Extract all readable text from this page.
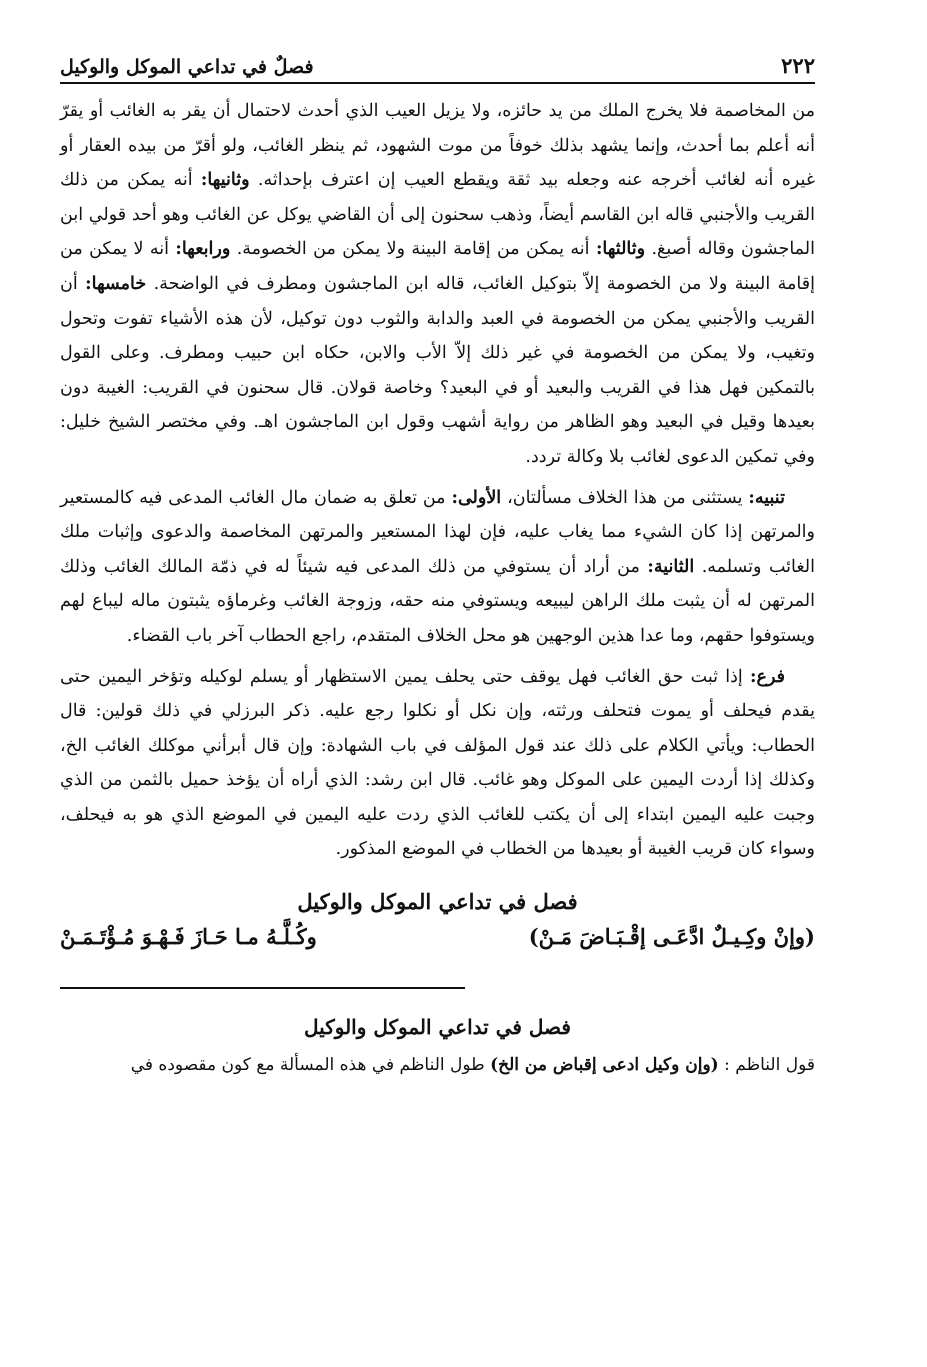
٢٢٢
فصلٌ في تداعي الموكل والوكيل

من المخاصمة فلا يخرج الملك من يد حائزه، ولا يزيل العيب الذي أحدث لاحتمال أن يقر به الغائب أو يقرّ أنه أعلم بما أحدث، وإنما يشهد بذلك خوفاً من موت الشهود، ثم ينظر الغائب، ولو أقرّ من بيده العقار أو غيره أنه لغائب أخرجه عنه وجعله بيد ثقة ويقطع العيب إن اعترف بإحداثه. وثانيها: أنه يمكن من ذلك القريب والأجنبي قاله ابن القاسم أيضاً، وذهب سحنون إلى أن القاضي يوكل عن الغائب وهو أحد قولي ابن الماجشون وقاله أصبغ. وثالثها: أنه يمكن من إقامة البينة ولا يمكن من الخصومة. ورابعها: أنه لا يمكن من إقامة البينة ولا من الخصومة إلاّ بتوكيل الغائب، قاله ابن الماجشون ومطرف في الواضحة. خامسها: أن القريب والأجنبي يمكن من الخصومة في العبد والدابة والثوب دون توكيل، لأن هذه الأشياء تفوت وتحول وتغيب، ولا يمكن من الخصومة في غير ذلك إلاّ الأب والابن، حكاه ابن حبيب ومطرف. وعلى القول بالتمكين فهل هذا في القريب والبعيد أو في البعيد؟ وخاصة قولان. قال سحنون في القريب: الغيبة دون بعيدها وقيل في البعيد وهو الظاهر من رواية أشهب وقول ابن الماجشون اهـ. وفي مختصر الشيخ خليل: وفي تمكين الدعوى لغائب بلا وكالة تردد.

تنبيه: يستثنى من هذا الخلاف مسألتان، الأولى: من تعلق به ضمان مال الغائب المدعى فيه كالمستعير والمرتهن إذا كان الشيء مما يغاب عليه، فإن لهذا المستعير والمرتهن المخاصمة والدعوى وإثبات ملك الغائب وتسلمه. الثانية: من أراد أن يستوفي من ذلك المدعى فيه شيئاً له في ذمّة المالك الغائب وذلك المرتهن له أن يثبت ملك الراهن ليبيعه ويستوفي منه حقه، وزوجة الغائب وغرماؤه يثبتون ماله ليباع لهم ويستوفوا حقهم، وما عدا هذين الوجهين هو محل الخلاف المتقدم، راجع الحطاب آخر باب القضاء.

فرع: إذا ثبت حق الغائب فهل يوقف حتى يحلف يمين الاستظهار أو يسلم لوكيله وتؤخر اليمين حتى يقدم فيحلف أو يموت فتحلف ورثته، وإن نكل أو نكلوا رجع عليه. ذكر البرزلي في ذلك قولين: قال الحطاب: ويأتي الكلام على ذلك عند قول المؤلف في باب الشهادة: وإن قال أبرأني موكلك الغائب الخ، وكذلك إذا أردت اليمين على الموكل وهو غائب. قال ابن رشد: الذي أراه أن يؤخذ حميل بالثمن من الذي وجبت عليه اليمين ابتداء إلى أن يكتب للغائب الذي ردت عليه اليمين في الموضع الذي هو به فيحلف، وسواء كان قريب الغيبة أو بعيدها من الخطاب في الموضع المذكور.

فصل في تداعي الموكل والوكيل
(وإنْ وكِـيـلٌ ادَّعَـى إقْـبَـاضَ مَـنْ)
وكُـلَّـهُ مـا حَـازَ فَـهْـوَ مُـؤْتَـمَـنْ
فصل في تداعي الموكل والوكيل

قول الناظم : (وإن وكيل ادعى إقباض من الخ) طول الناظم في هذه المسألة مع كون مقصوده في
